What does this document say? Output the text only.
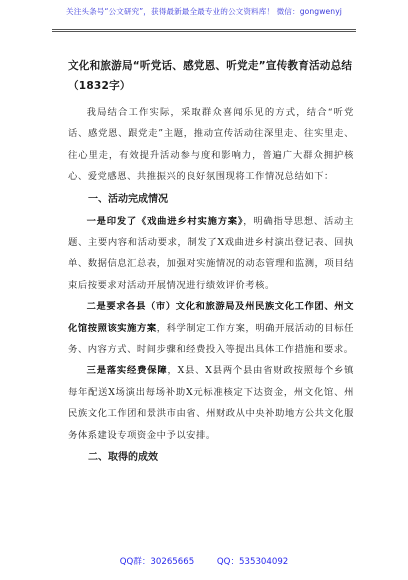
关注头条号“公文研究”，获得最新最全最专业的公文资料库！ 微信：gongwenyj

文化和旅游局“听党话、感党恩、听党走”宣传教育活动总结（1832字）

我局结合工作实际，采取群众喜闻乐见的方式，结合“听党话、感党恩、跟党走”主题，推动宣传活动往深里走、往实里走、往心里走，有效提升活动参与度和影响力，普遍广大群众拥护核心、爱党感恩、共推振兴的良好氛围现将工作情况总结如下：

一、活动完成情况

一是印发了《戏曲进乡村实施方案》，明确指导思想、活动主题、主要内容和活动要求，制发了X戏曲进乡村演出登记表、回执单、数据信息汇总表，加强对实施情况的动态管理和监测，项目结束后按要求对活动开展情况进行绩效评价考核。

二是要求各县（市）文化和旅游局及州民族文化工作团、州文化馆按照该实施方案，科学制定工作方案，明确开展活动的目标任务、内容方式、时间步骤和经费投入等提出具体工作措施和要求。

三是落实经费保障，X县、X县两个县由省财政按照每个乡镇每年配送X场演出每场补助X元标准核定下达资金，州文化馆、州民族文化工作团和景洪市由省、州财政从中央补助地方公共文化服务体系建设专项资金中予以安排。

二、取得的成效

QQ群：30265665	QQ：535304092
